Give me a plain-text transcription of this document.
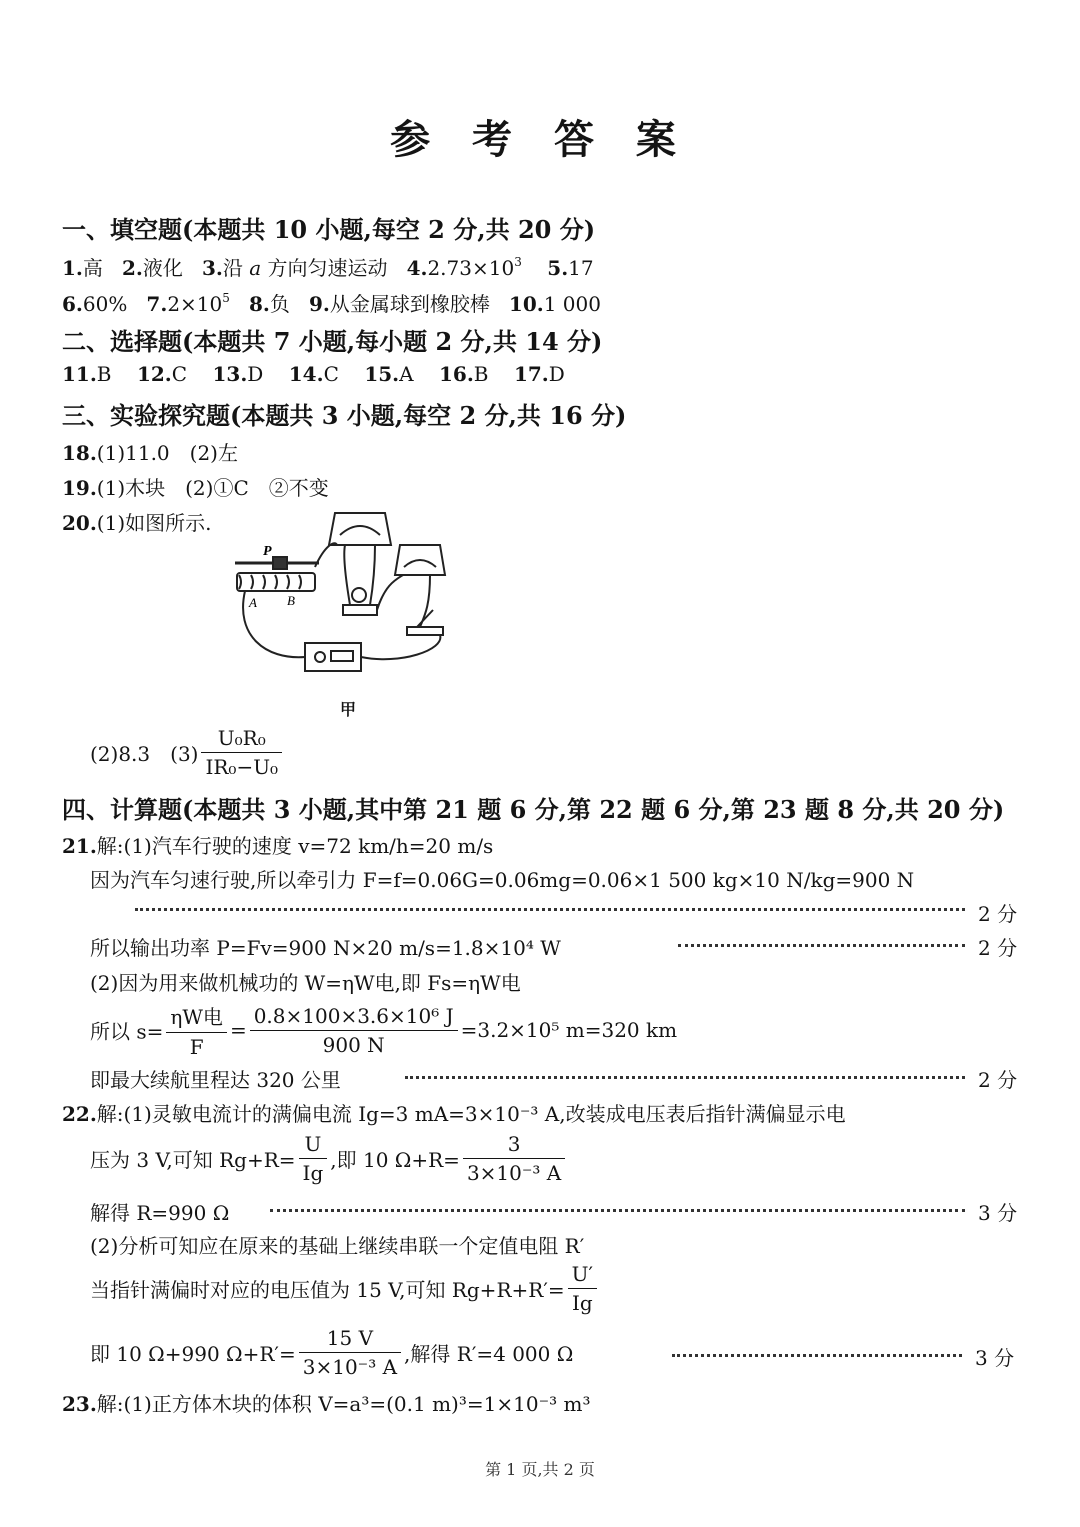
参 考 答 案
一、填空题(本题共 10 小题,每空 2 分,共 20 分)
1.高 2.液化 3.沿 a 方向匀速运动 $4.2.73\times 10^3$ 5.17
6.60% $7.2\times 10^5$ 8.负 9.从金属球到橡胶棒 10.1 000
二、选择题(本题共 7 小题,每小题 2 分,共 14 分)
11.B 12.C 13.D 14.C 15.A 16.B 17.D
三、实验探究题(本题共 3 小题,每空 2 分,共 16 分)
18.(1)11.0　(2)左
19.(1)木块　(2)①C　②不变
20.(1)如图所示.
P
A B
甲
(2)8.3　$(3) \frac{\text{U₀R₀}}{\text{IR₀−U₀}}$
四、计算题(本题共 3 小题,其中第 21 题 6 分,第 22 题 6 分,第 23 题 8 分,共 20 分)
21.解:(1)汽车行驶的速度 v=72 km/h=20 m/s
因为汽车匀速行驶,所以牵引力 F=f=0.06G=0.06mg=0.06×1 500 kg×10 N/kg=900 N
2 分
所以输出功率 P=Fv=900 N×20 m/s=1.8×10⁴ W	2 分
(2)因为用来做机械功的 W=ηW电,即 Fs=ηW电
所以 $s= \frac{\text{ηW电}}{F} = \frac{\text{0.8×100×3.6×10⁶ J}}{900 N} =3.2\times 10^5$ m=320 km
即最大续航里程达 320 公里	2 分
22.解:(1)灵敏电流计的满偏电流 Ig=3 mA=3×10⁻³ A,改装成电压表后指针满偏显示电
压为 3 V,可知 $Rg+R= \frac{U}{Ig}$ ,即 10 $\Omega+R= \frac{3}{\text{3×10⁻³ A}}$
解得 R=990 Ω	3 分
(2)分析可知应在原来的基础上继续串联一个定值电阻 R′
当指针满偏时对应的电压值为 15 V,可知 $Rg+R+R'= \frac{U'}{Ig}$
即 10 Ω+990 $\Omega+R'= \frac{15 V}{\text{3×10⁻³ A}}$ ,解得 R′=4 000 Ω	3 分
23.解:(1)正方体木块的体积 V=a³=(0.1 m)³=1×10⁻³ m³
第 1 页,共 2 页
